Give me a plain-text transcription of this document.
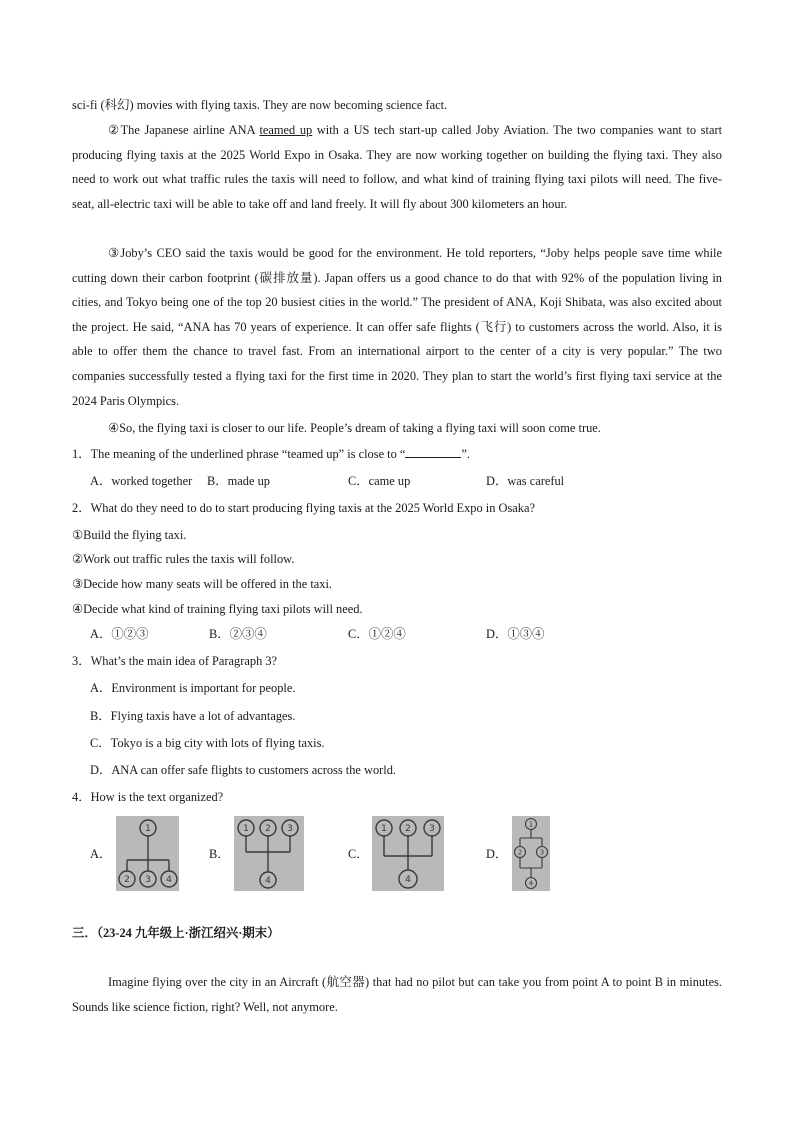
sci-fi (科幻) movies with flying taxis. They are now becoming science fact.

②The Japanese airline ANA teamed up with a US tech start-up called Joby Aviation. The two companies want to start producing flying taxis at the 2025 World Expo in Osaka. They are now working together on building the flying taxi. They also need to work out what traffic rules the taxis will need to follow, and what kind of training flying taxi pilots will need. The five-seat, all-electric taxi will be able to take off and land freely. It will fly about 300 kilometers an hour.

③Joby’s CEO said the taxis would be good for the environment. He told reporters, “Joby helps people save time while cutting down their carbon footprint (碳排放量). Japan offers us a good chance to do that with 92% of the population living in cities, and Tokyo being one of the top 20 busiest cities in the world.” The president of ANA, Koji Shibata, was also excited about the project. He said, “ANA has 70 years of experience. It can offer safe flights (飞行) to customers across the world. Also, it is able to offer them the chance to travel fast. From an international airport to the center of a city is very popular.” The two companies successfully tested a flying taxi for the first time in 2020. They plan to start the world’s first flying taxi service at the 2024 Paris Olympics.

④So, the flying taxi is closer to our life. People’s dream of taking a flying taxi will soon come true.

1．The meaning of the underlined phrase “teamed up” is close to “	”.
A．worked together B．made up	C．came up	D．was careful
2．What do they need to do to start producing flying taxis at the 2025 World Expo in Osaka?
①Build the flying taxi.
②Work out traffic rules the taxis will follow.
③Decide how many seats will be offered in the taxi.
④Decide what kind of training flying taxi pilots will need.
A．①②③	B．②③④	C．①②④	D．①③④
3．What’s the main idea of Paragraph 3?
A．Environment is important for people.
B．Flying taxis have a lot of advantages.
C．Tokyo is a big city with lots of flying taxis.
D．ANA can offer safe flights to customers across the world.
4．How is the text organized?
A．
1
2 3 4
B．
1 2 3
4
C．
1 2 3
4
D．
1
2	3
4
三．（23-24 九年级上·浙江绍兴·期末）

Imagine flying over the city in an Aircraft (航空器) that had no pilot but can take you from point A to point B in minutes. Sounds like science fiction, right? Well, not anymore.
